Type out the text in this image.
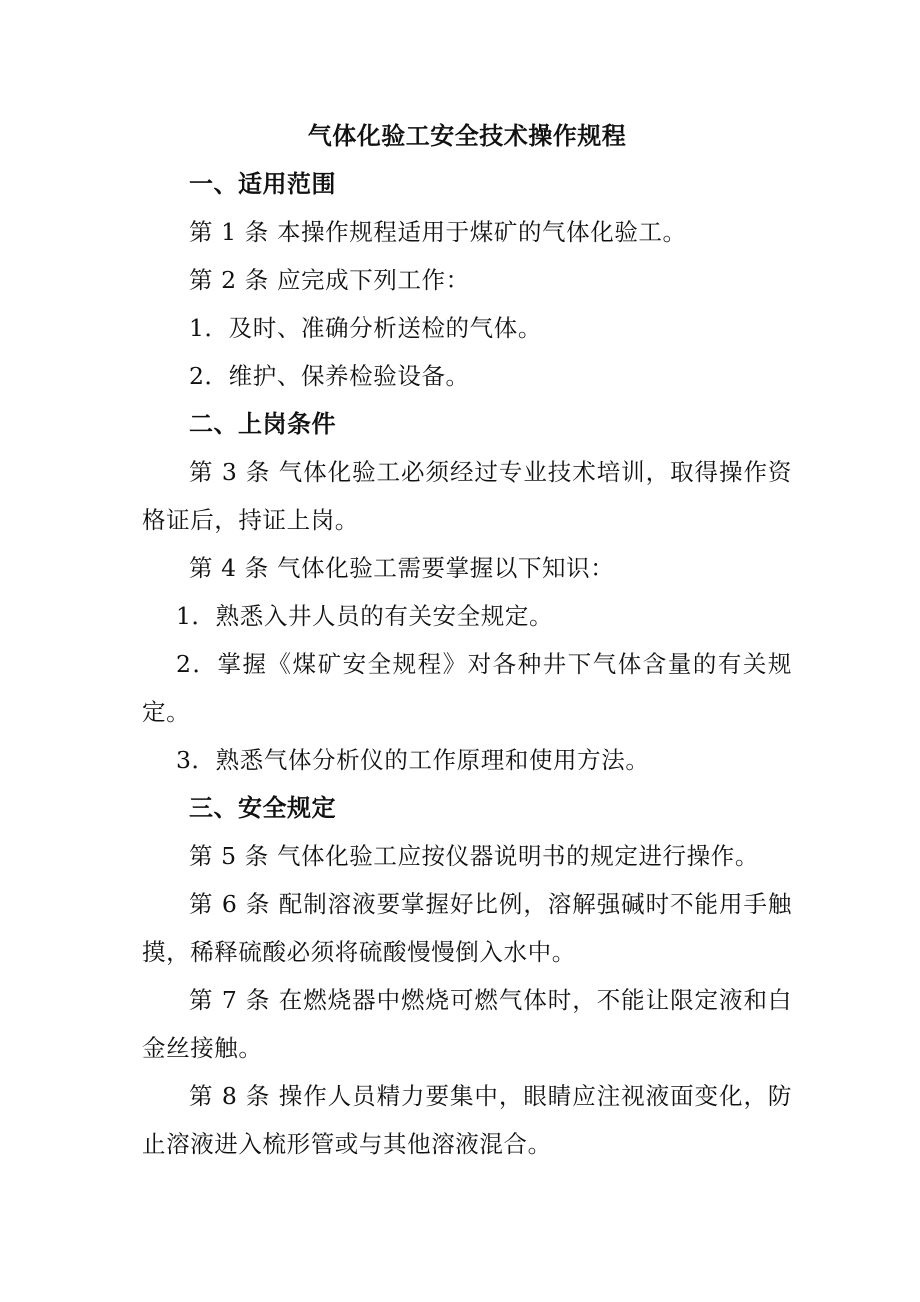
气体化验工安全技术操作规程
一、适用范围

第 1 条 本操作规程适用于煤矿的气体化验工。

第 2 条 应完成下列工作：

1．及时、准确分析送检的气体。

2．维护、保养检验设备。

二、上岗条件

第 3 条 气体化验工必须经过专业技术培训，取得操作资格证后，持证上岗。

第 4 条 气体化验工需要掌握以下知识：

1．熟悉入井人员的有关安全规定。

2．掌握《煤矿安全规程》对各种井下气体含量的有关规定。

3．熟悉气体分析仪的工作原理和使用方法。

三、安全规定

第 5 条 气体化验工应按仪器说明书的规定进行操作。

第 6 条 配制溶液要掌握好比例，溶解强碱时不能用手触摸，稀释硫酸必须将硫酸慢慢倒入水中。

第 7 条 在燃烧器中燃烧可燃气体时，不能让限定液和白金丝接触。

第 8 条 操作人员精力要集中，眼睛应注视液面变化，防止溶液进入梳形管或与其他溶液混合。
